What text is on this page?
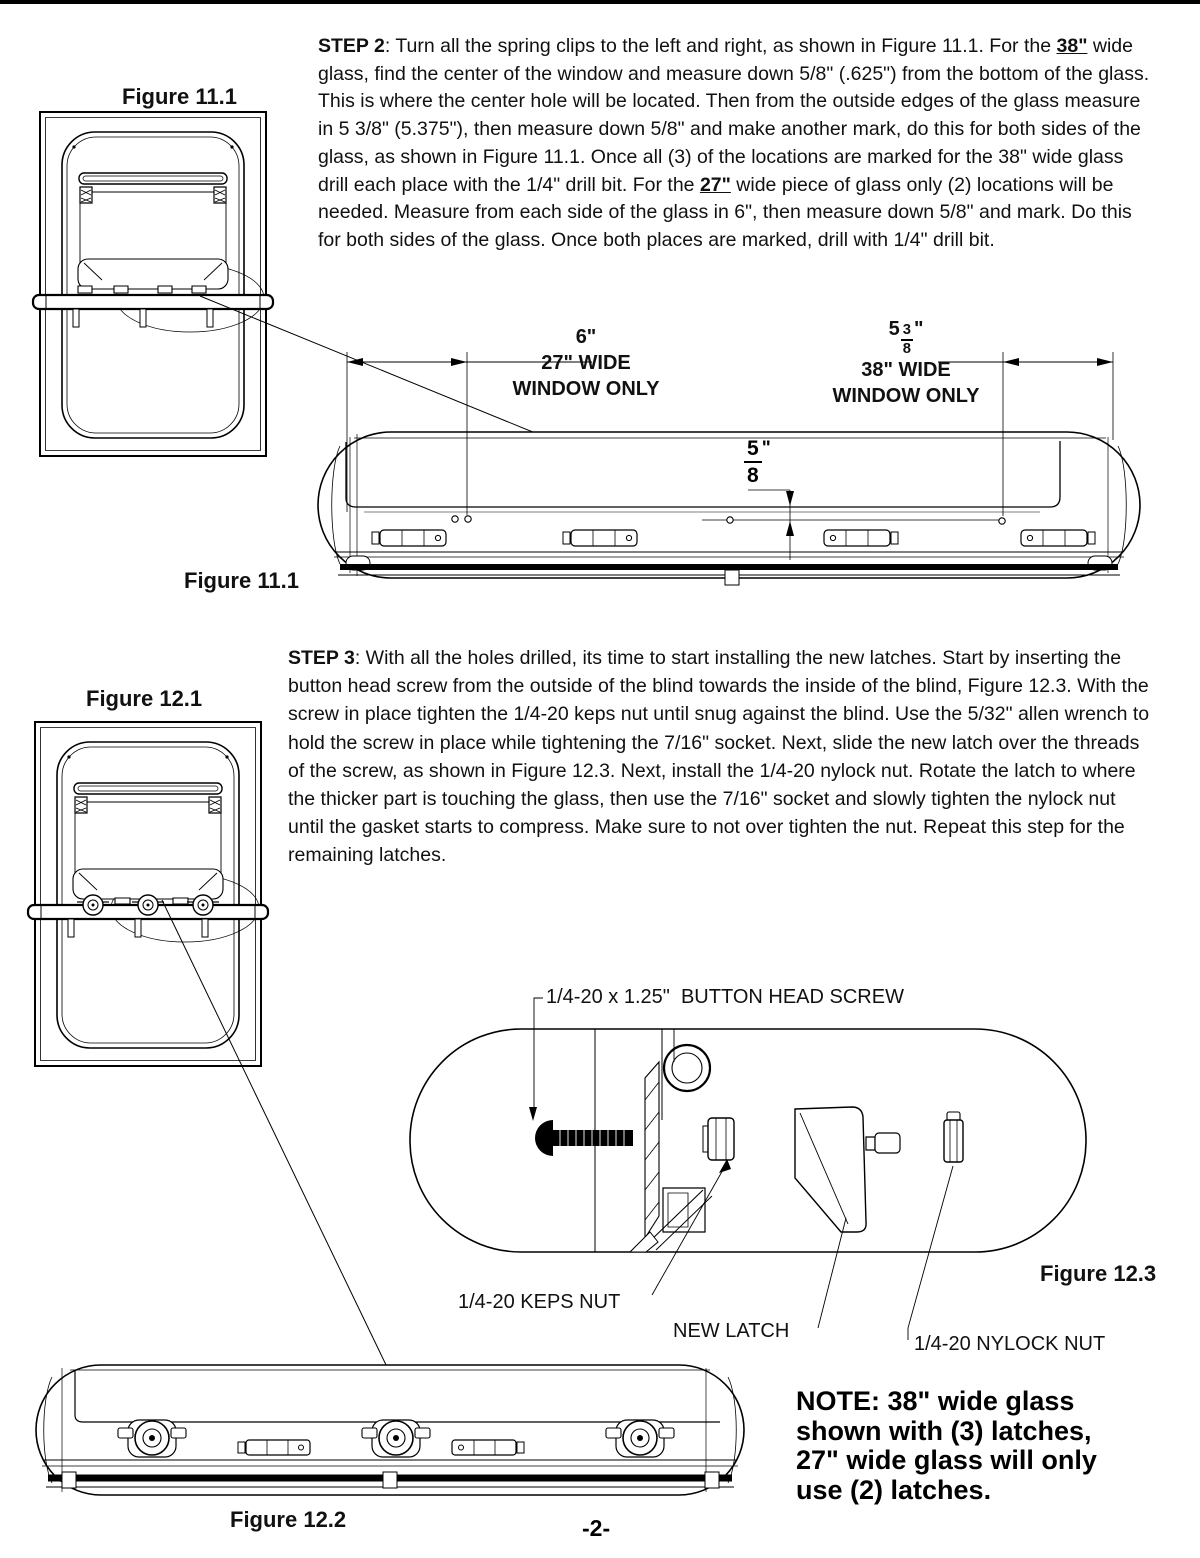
Figure 11.1
STEP 2: Turn all the spring clips to the left and right, as shown in Figure 11.1. For the 38" wide glass, find the center of the window and measure down 5/8" (.625") from the bottom of the glass. This is where the center hole will be located. Then from the outside edges of the glass measure in 5 3/8" (5.375"), then measure down 5/8" and make another mark, do this for both sides of the glass, as shown in Figure 11.1. Once all (3) of the locations are marked for the 38" wide glass drill each place with the 1/4" drill bit. For the 27" wide piece of glass only (2) locations will be needed. Measure from each side of the glass in 6", then measure down 5/8" and mark. Do this for both sides of the glass. Once both places are marked, drill with 1/4" drill bit.
6"
27" WIDE
WINDOW ONLY
$5 \frac{3}{8}$ "
38" WIDE
WINDOW ONLY
5
8
"
Figure 11.1
STEP 3: With all the holes drilled, its time to start installing the new latches. Start by inserting the button head screw from the outside of the blind towards the inside of the blind, Figure 12.3. With the screw in place tighten the 1/4-20 keps nut until snug against the blind. Use the 5/32" allen wrench to hold the screw in place while tightening the 7/16" socket. Next, slide the new latch over the threads of the screw, as shown in Figure 12.3. Next, install the 1/4-20 nylock nut. Rotate the latch to where the thicker part is touching the glass, then use the 7/16" socket and slowly tighten the nylock nut until the gasket starts to compress. Make sure to not over tighten the nut. Repeat this step for the remaining latches.
Figure 12.1
1/4-20 x 1.25"  BUTTON HEAD SCREW
1/4-20 KEPS NUT
NEW LATCH
1/4-20 NYLOCK NUT
Figure 12.3
NOTE: 38" wide glass
shown with (3) latches,
27" wide glass will only
use (2) latches.
Figure 12.2	-2-
